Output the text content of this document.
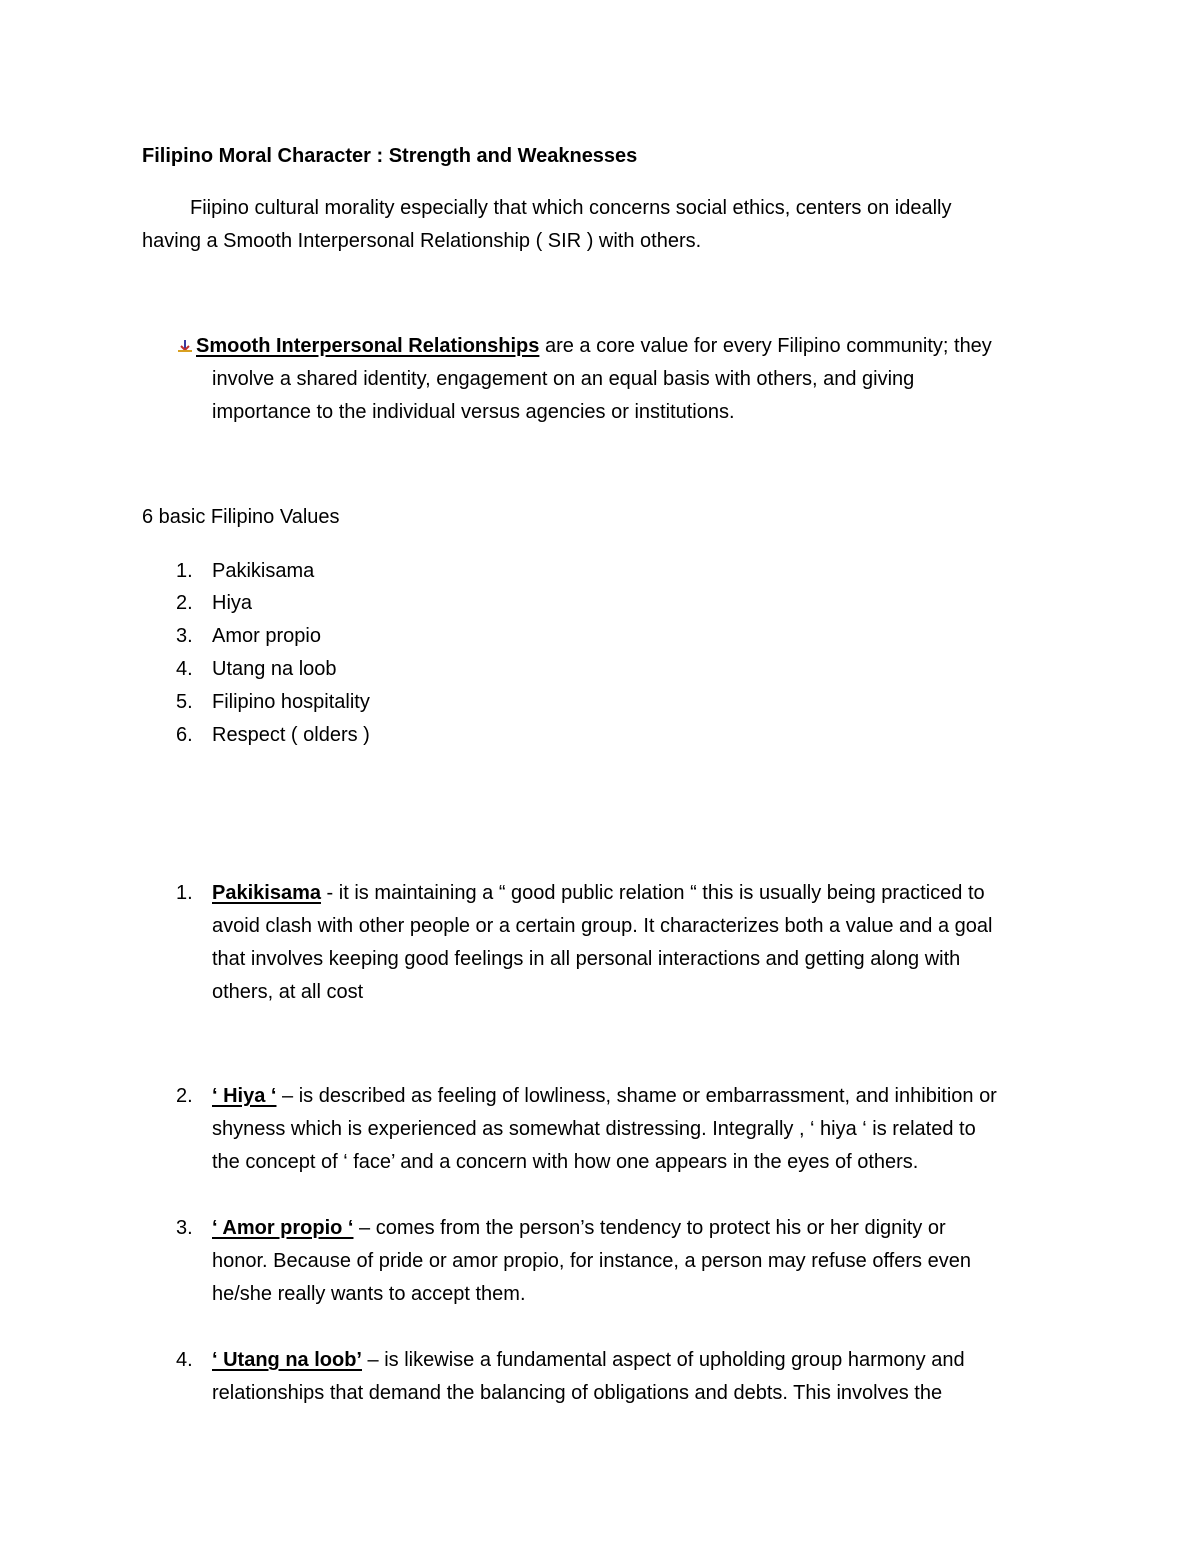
Filipino Moral Character : Strength and Weaknesses
Fiipino cultural morality especially that which concerns social ethics, centers on ideally
having a Smooth Interpersonal Relationship ( SIR ) with others.
Smooth Interpersonal Relationships are a core value for every Filipino community; they
involve a shared identity, engagement on an equal basis with others, and giving
importance to the individual versus agencies or institutions.
6 basic Filipino Values
1. Pakikisama
2. Hiya
3. Amor propio
4. Utang na loob
5. Filipino hospitality
6. Respect ( olders )
1. Pakikisama - it is maintaining a “ good public relation “ this is usually being practiced to
avoid clash with other people or a certain group. It characterizes both a value and a goal
that involves keeping good feelings in all personal interactions and getting along with
others, at all cost
2. ‘ Hiya ‘ – is described as feeling of lowliness, shame or embarrassment, and inhibition or
shyness which is experienced as somewhat distressing. Integrally , ‘ hiya ‘ is related to
the concept of ‘ face’ and a concern with how one appears in the eyes of others.
3. ‘ Amor propio ‘ – comes from the person’s tendency to protect his or her dignity or
honor. Because of pride or amor propio, for instance, a person may refuse offers even
he/she really wants to accept them.
4. ‘ Utang na loob’ – is likewise a fundamental aspect of upholding group harmony and
relationships that demand the balancing of obligations and debts. This involves the
